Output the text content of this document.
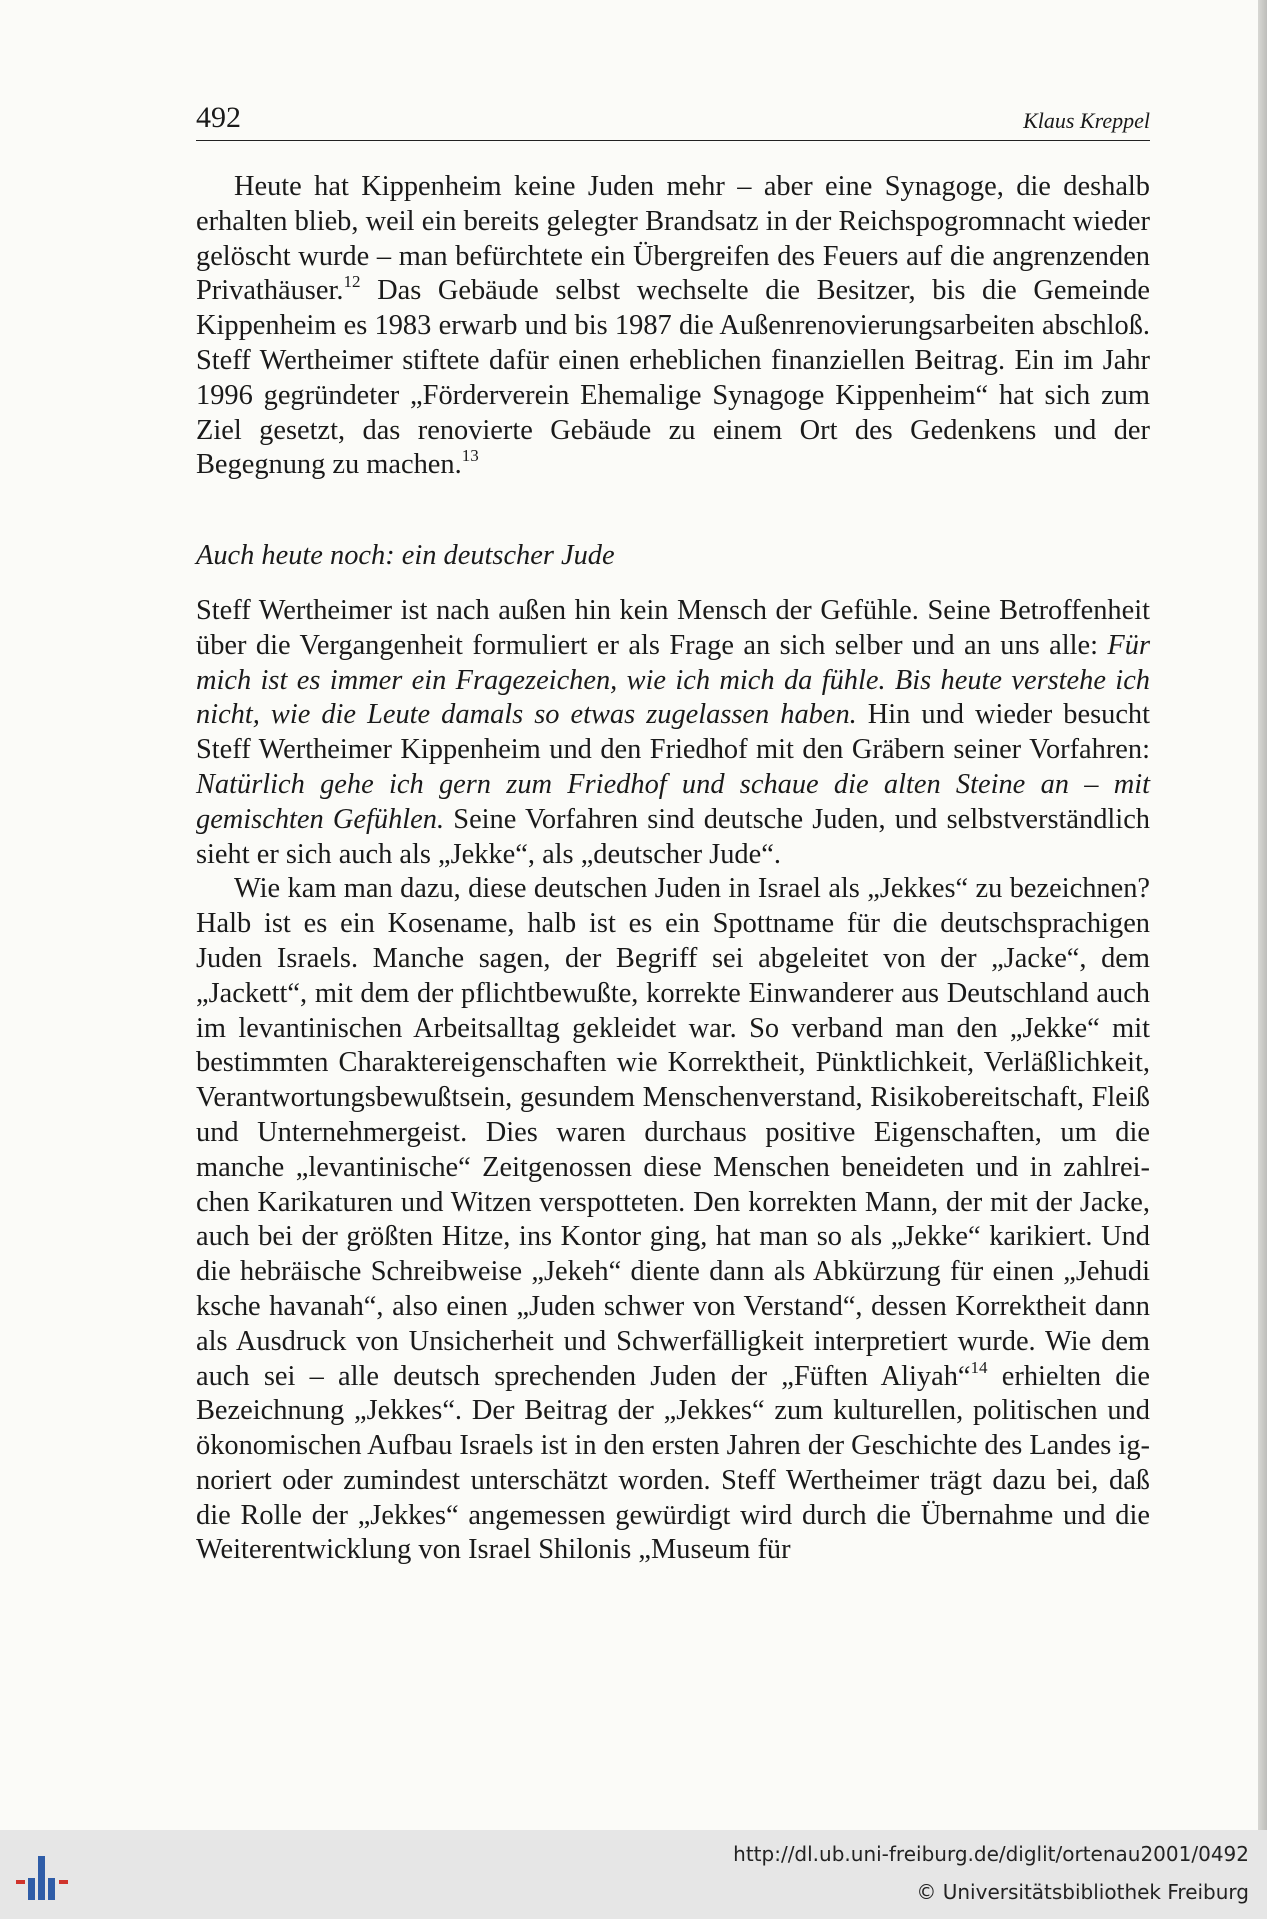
492	Klaus Kreppel

Heute hat Kippenheim keine Juden mehr – aber eine Synagoge, die deshalb erhalten blieb, weil ein bereits gelegter Brandsatz in der Reichspogromnacht wieder gelöscht wurde – man befürchtete ein Übergreifen des Feuers auf die angrenzenden Privathäuser.$^{12}$ Das Gebäude selbst wechselte die Besitzer, bis die Gemeinde Kippenheim es 1983 erwarb und bis 1987 die Außenrenovierungsarbeiten abschloß. Steff Wertheimer stiftete dafür einen erheblichen finanziellen Beitrag. Ein im Jahr 1996 gegründeter „Förderverein Ehemalige Synagoge Kippenheim“ hat sich zum Ziel gesetzt, das renovierte Gebäude zu einem Ort des Gedenkens und der Begegnung zu machen.$^{13}$

Auch heute noch: ein deutscher Jude

Steff Wertheimer ist nach außen hin kein Mensch der Gefühle. Seine Betroffenheit über die Vergangenheit formuliert er als Frage an sich selber und an uns alle: Für mich ist es immer ein Fragezeichen, wie ich mich da fühle. Bis heute verstehe ich nicht, wie die Leute damals so etwas zugelassen haben. Hin und wieder besucht Steff Wertheimer Kippenheim und den Friedhof mit den Gräbern seiner Vorfahren: Natürlich gehe ich gern zum Friedhof und schaue die alten Steine an – mit gemischten Gefühlen. Seine Vorfahren sind deutsche Juden, und selbstverständlich sieht er sich auch als „Jekke“, als „deutscher Jude“.

Wie kam man dazu, diese deutschen Juden in Israel als „Jekkes“ zu bezeichnen? Halb ist es ein Kosename, halb ist es ein Spottname für die deutschsprachigen Juden Israels. Manche sagen, der Begriff sei abgeleitet von der „Jacke“, dem „Jackett“, mit dem der pflichtbewußte, korrekte Einwanderer aus Deutschland auch im levantinischen Arbeitsalltag gekleidet war. So verband man den „Jekke“ mit bestimmten Charaktereigenschaften wie Korrektheit, Pünktlichkeit, Verläßlichkeit, Verantwortungsbewußtsein, gesundem Menschenverstand, Risikobereitschaft, Fleiß und Unternehmergeist. Dies waren durchaus positive Eigenschaften, um die manche „levantinische“ Zeitgenossen diese Menschen beneideten und in zahlreichen Karikaturen und Witzen verspotteten. Den korrekten Mann, der mit der Jacke, auch bei der größten Hitze, ins Kontor ging, hat man so als „Jekke“ karikiert. Und die hebräische Schreibweise „Jekeh“ diente dann als Abkürzung für einen „Jehudi ksche havanah“, also einen „Juden schwer von Verstand“, dessen Korrektheit dann als Ausdruck von Unsicherheit und Schwerfälligkeit interpretiert wurde. Wie dem auch sei – alle deutsch sprechenden Juden der „Füften Aliyah“$^{14}$ erhielten die Bezeichnung „Jekkes“. Der Beitrag der „Jekkes“ zum kulturellen, politischen und ökonomischen Aufbau Israels ist in den ersten Jahren der Geschichte des Landes ignoriert oder zumindest unterschätzt worden. Steff Wertheimer trägt dazu bei, daß die Rolle der „Jekkes“ angemessen gewürdigt wird durch die Übernahme und die Weiterentwicklung von Israel Shilonis „Museum für

http://dl.ub.uni-freiburg.de/diglit/ortenau2001/0492
© Universitätsbibliothek Freiburg
